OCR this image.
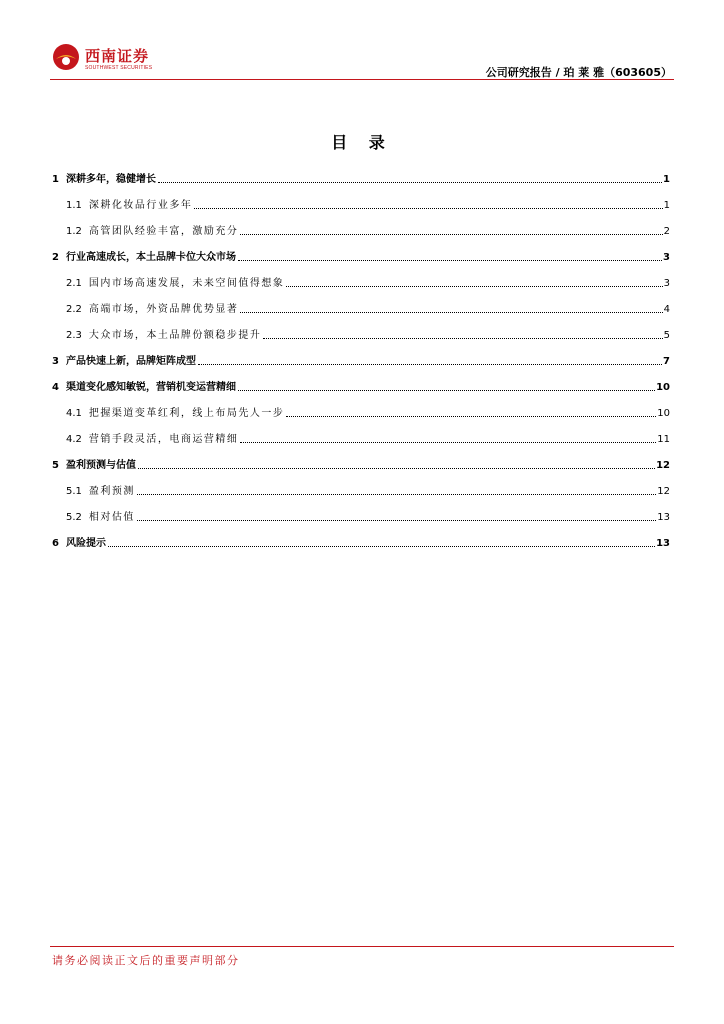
西南证券
SOUTHWEST SECURITIES	公司研究报告 / 珀 莱 雅（603605）
目 录
1 深耕多年，稳健增长	1
1.1 深耕化妆品行业多年	1
1.2 高管团队经验丰富，激励充分	2
2 行业高速成长，本土品牌卡位大众市场	3
2.1 国内市场高速发展，未来空间值得想象	3
2.2 高端市场，外资品牌优势显著	4
2.3 大众市场，本土品牌份额稳步提升	5
3 产品快速上新，品牌矩阵成型	7
4 渠道变化感知敏锐，营销机变运营精细	10
4.1 把握渠道变革红利，线上布局先人一步	10
4.2 营销手段灵活，电商运营精细	11
5 盈利预测与估值	12
5.1 盈利预测	12
5.2 相对估值	13
6 风险提示	13
请务必阅读正文后的重要声明部分
